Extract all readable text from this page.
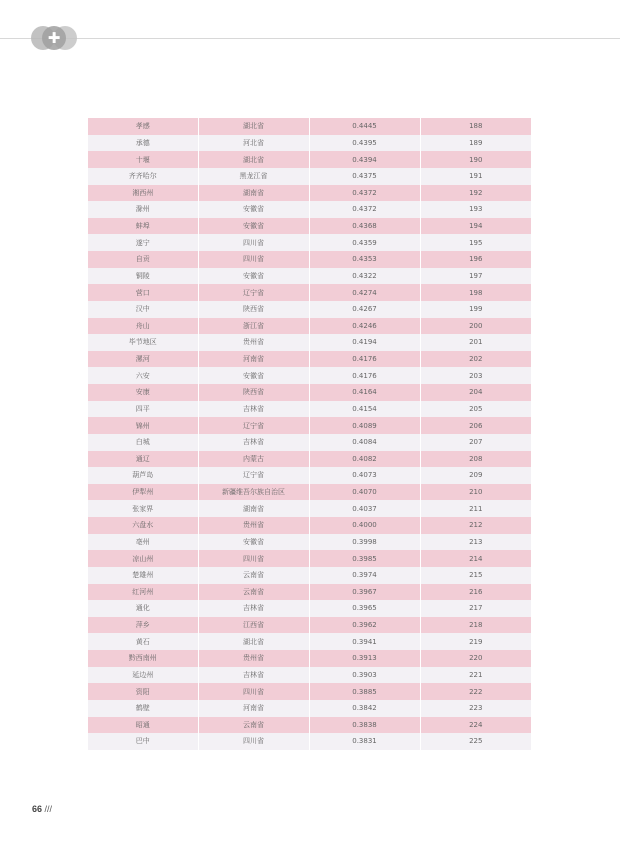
✚
孝感	湖北省	0.4445	188
承德	河北省	0.4395	189
十堰	湖北省	0.4394	190
齐齐哈尔	黑龙江省	0.4375	191
湘西州	湖南省	0.4372	192
滁州	安徽省	0.4372	193
蚌埠	安徽省	0.4368	194
遂宁	四川省	0.4359	195
自贡	四川省	0.4353	196
铜陵	安徽省	0.4322	197
营口	辽宁省	0.4274	198
汉中	陕西省	0.4267	199
舟山	浙江省	0.4246	200
毕节地区	贵州省	0.4194	201
漯河	河南省	0.4176	202
六安	安徽省	0.4176	203
安康	陕西省	0.4164	204
四平	吉林省	0.4154	205
锦州	辽宁省	0.4089	206
白城	吉林省	0.4084	207
通辽	内蒙古	0.4082	208
葫芦岛	辽宁省	0.4073	209
伊犁州	新疆维吾尔族自治区	0.4070	210
张家界	湖南省	0.4037	211
六盘水	贵州省	0.4000	212
亳州	安徽省	0.3998	213
凉山州	四川省	0.3985	214
楚雄州	云南省	0.3974	215
红河州	云南省	0.3967	216
通化	吉林省	0.3965	217
萍乡	江西省	0.3962	218
黄石	湖北省	0.3941	219
黔西南州	贵州省	0.3913	220
延边州	吉林省	0.3903	221
资阳	四川省	0.3885	222
鹤壁	河南省	0.3842	223
昭通	云南省	0.3838	224
巴中	四川省	0.3831	225
66 ///
